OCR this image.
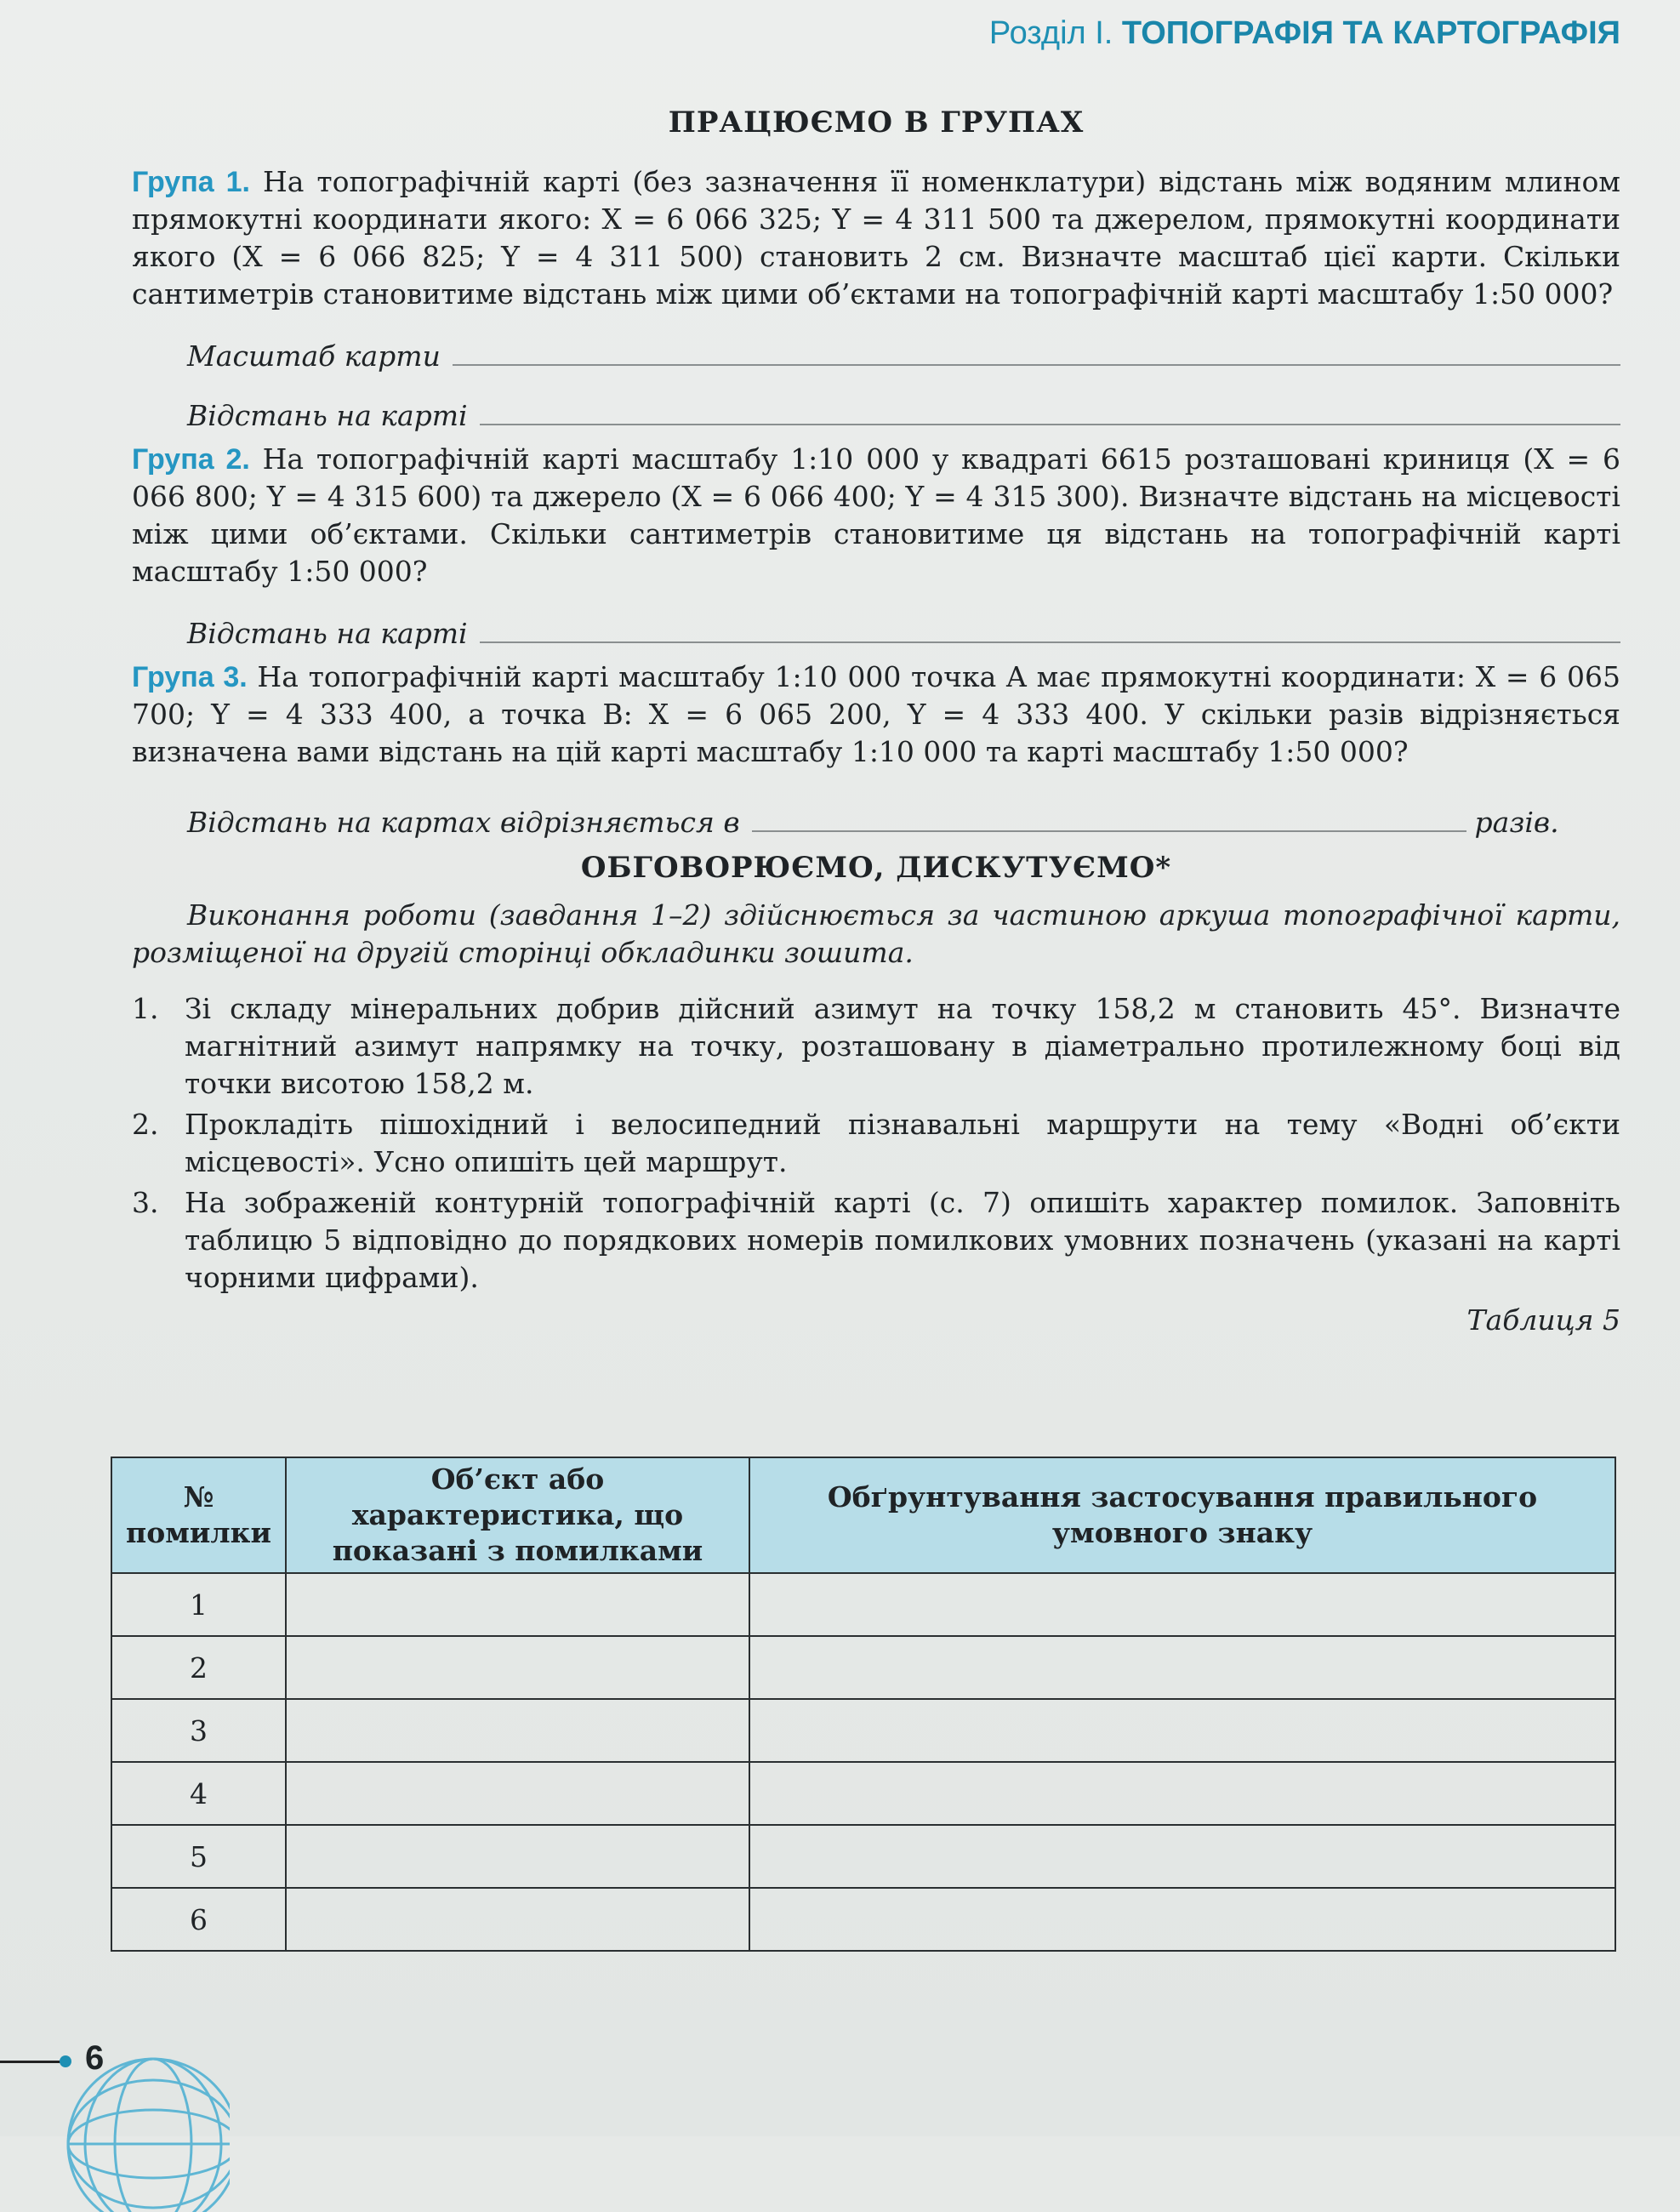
Розділ І. ТОПОГРАФІЯ ТА КАРТОГРАФІЯ
ПРАЦЮЄМО В ГРУПАХ

Група 1. На топографічній карті (без зазначення її номенклатури) відстань між водяним млином прямокутні координати якого: X = 6 066 325; Y = 4 311 500 та джерелом, прямокутні координати якого (X = 6 066 825; Y = 4 311 500) становить 2 см. Визначте масштаб цієї карти. Скільки сантиметрів становитиме відстань між цими об’єктами на топографічній карті масштабу 1:50 000?

Масштаб карти
Відстань на карті

Група 2. На топографічній карті масштабу 1:10 000 у квадраті 6615 розташовані криниця (X = 6 066 800; Y = 4 315 600) та джерело (X = 6 066 400; Y = 4 315 300). Визначте відстань на місцевості між цими об’єктами. Скільки сантиметрів становитиме ця відстань на топографічній карті масштабу 1:50 000?

Відстань на карті

Група 3. На топографічній карті масштабу 1:10 000 точка A має прямокутні координати: X = 6 065 700; Y = 4 333 400, а точка B: X = 6 065 200, Y = 4 333 400. У скільки разів відрізняється визначена вами відстань на цій карті масштабу 1:10 000 та карті масштабу 1:50 000?

Відстань на картах відрізняється в	разів.
ОБГОВОРЮЄМО, ДИСКУТУЄМО*

Виконання роботи (завдання 1–2) здійснюється за частиною аркуша топографічної карти, розміщеної на другій сторінці обкладинки зошита.

1. Зі складу мінеральних добрив дійсний азимут на точку 158,2 м становить 45°. Визначте магнітний азимут напрямку на точку, розташовану в діаметрально протилежному боці від точки висотою 158,2 м.
2. Прокладіть пішохідний і велосипедний пізнавальні маршрути на тему «Водні об’єкти місцевості». Усно опишіть цей маршрут.
3. На зображеній контурній топографічній карті (с. 7) опишіть характер помилок. Заповніть таблицю 5 відповідно до порядкових номерів помилкових умовних позначень (указані на карті чорними цифрами).
Таблиця 5
№ помилки	Об’єкт або характеристика, що показані з помилками	Обґрунтування застосування правильного умовного знаку
1		
2		
3		
4		
5		
6		
6
